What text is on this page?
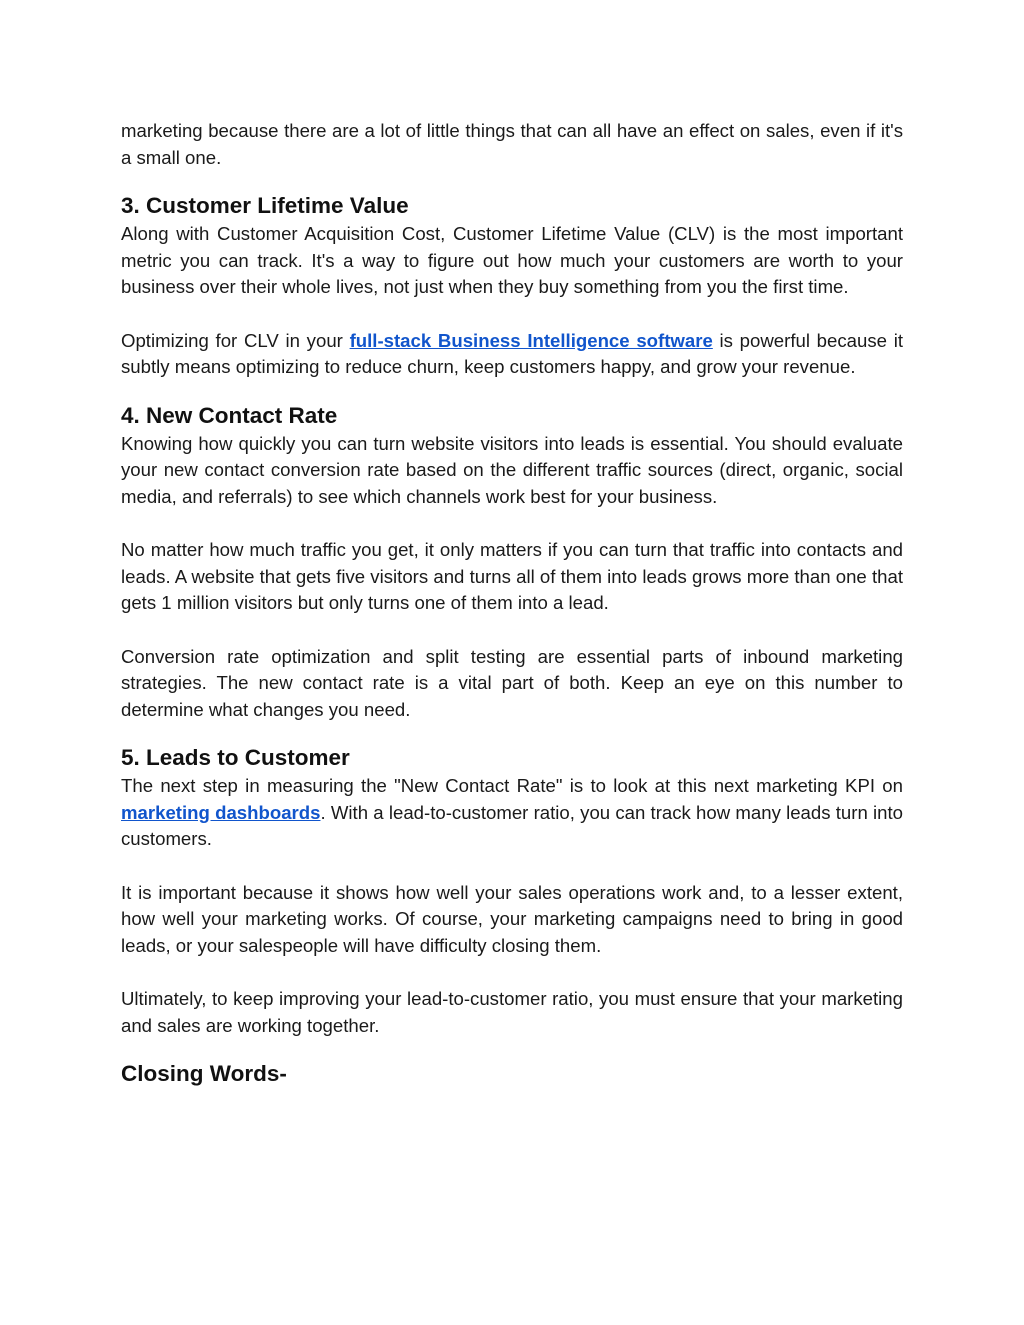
marketing because there are a lot of little things that can all have an effect on sales, even if it's a small one.

3. Customer Lifetime Value

Along with Customer Acquisition Cost, Customer Lifetime Value (CLV) is the most important metric you can track. It's a way to figure out how much your customers are worth to your business over their whole lives, not just when they buy something from you the first time.

Optimizing for CLV in your full-stack Business Intelligence software is powerful because it subtly means optimizing to reduce churn, keep customers happy, and grow your revenue.

4. New Contact Rate

Knowing how quickly you can turn website visitors into leads is essential. You should evaluate your new contact conversion rate based on the different traffic sources (direct, organic, social media, and referrals) to see which channels work best for your business.

No matter how much traffic you get, it only matters if you can turn that traffic into contacts and leads. A website that gets five visitors and turns all of them into leads grows more than one that gets 1 million visitors but only turns one of them into a lead.

Conversion rate optimization and split testing are essential parts of inbound marketing strategies. The new contact rate is a vital part of both. Keep an eye on this number to determine what changes you need.

5. Leads to Customer

The next step in measuring the "New Contact Rate" is to look at this next marketing KPI on marketing dashboards. With a lead-to-customer ratio, you can track how many leads turn into customers.

It is important because it shows how well your sales operations work and, to a lesser extent, how well your marketing works. Of course, your marketing campaigns need to bring in good leads, or your salespeople will have difficulty closing them.

Ultimately, to keep improving your lead-to-customer ratio, you must ensure that your marketing and sales are working together.

Closing Words-
